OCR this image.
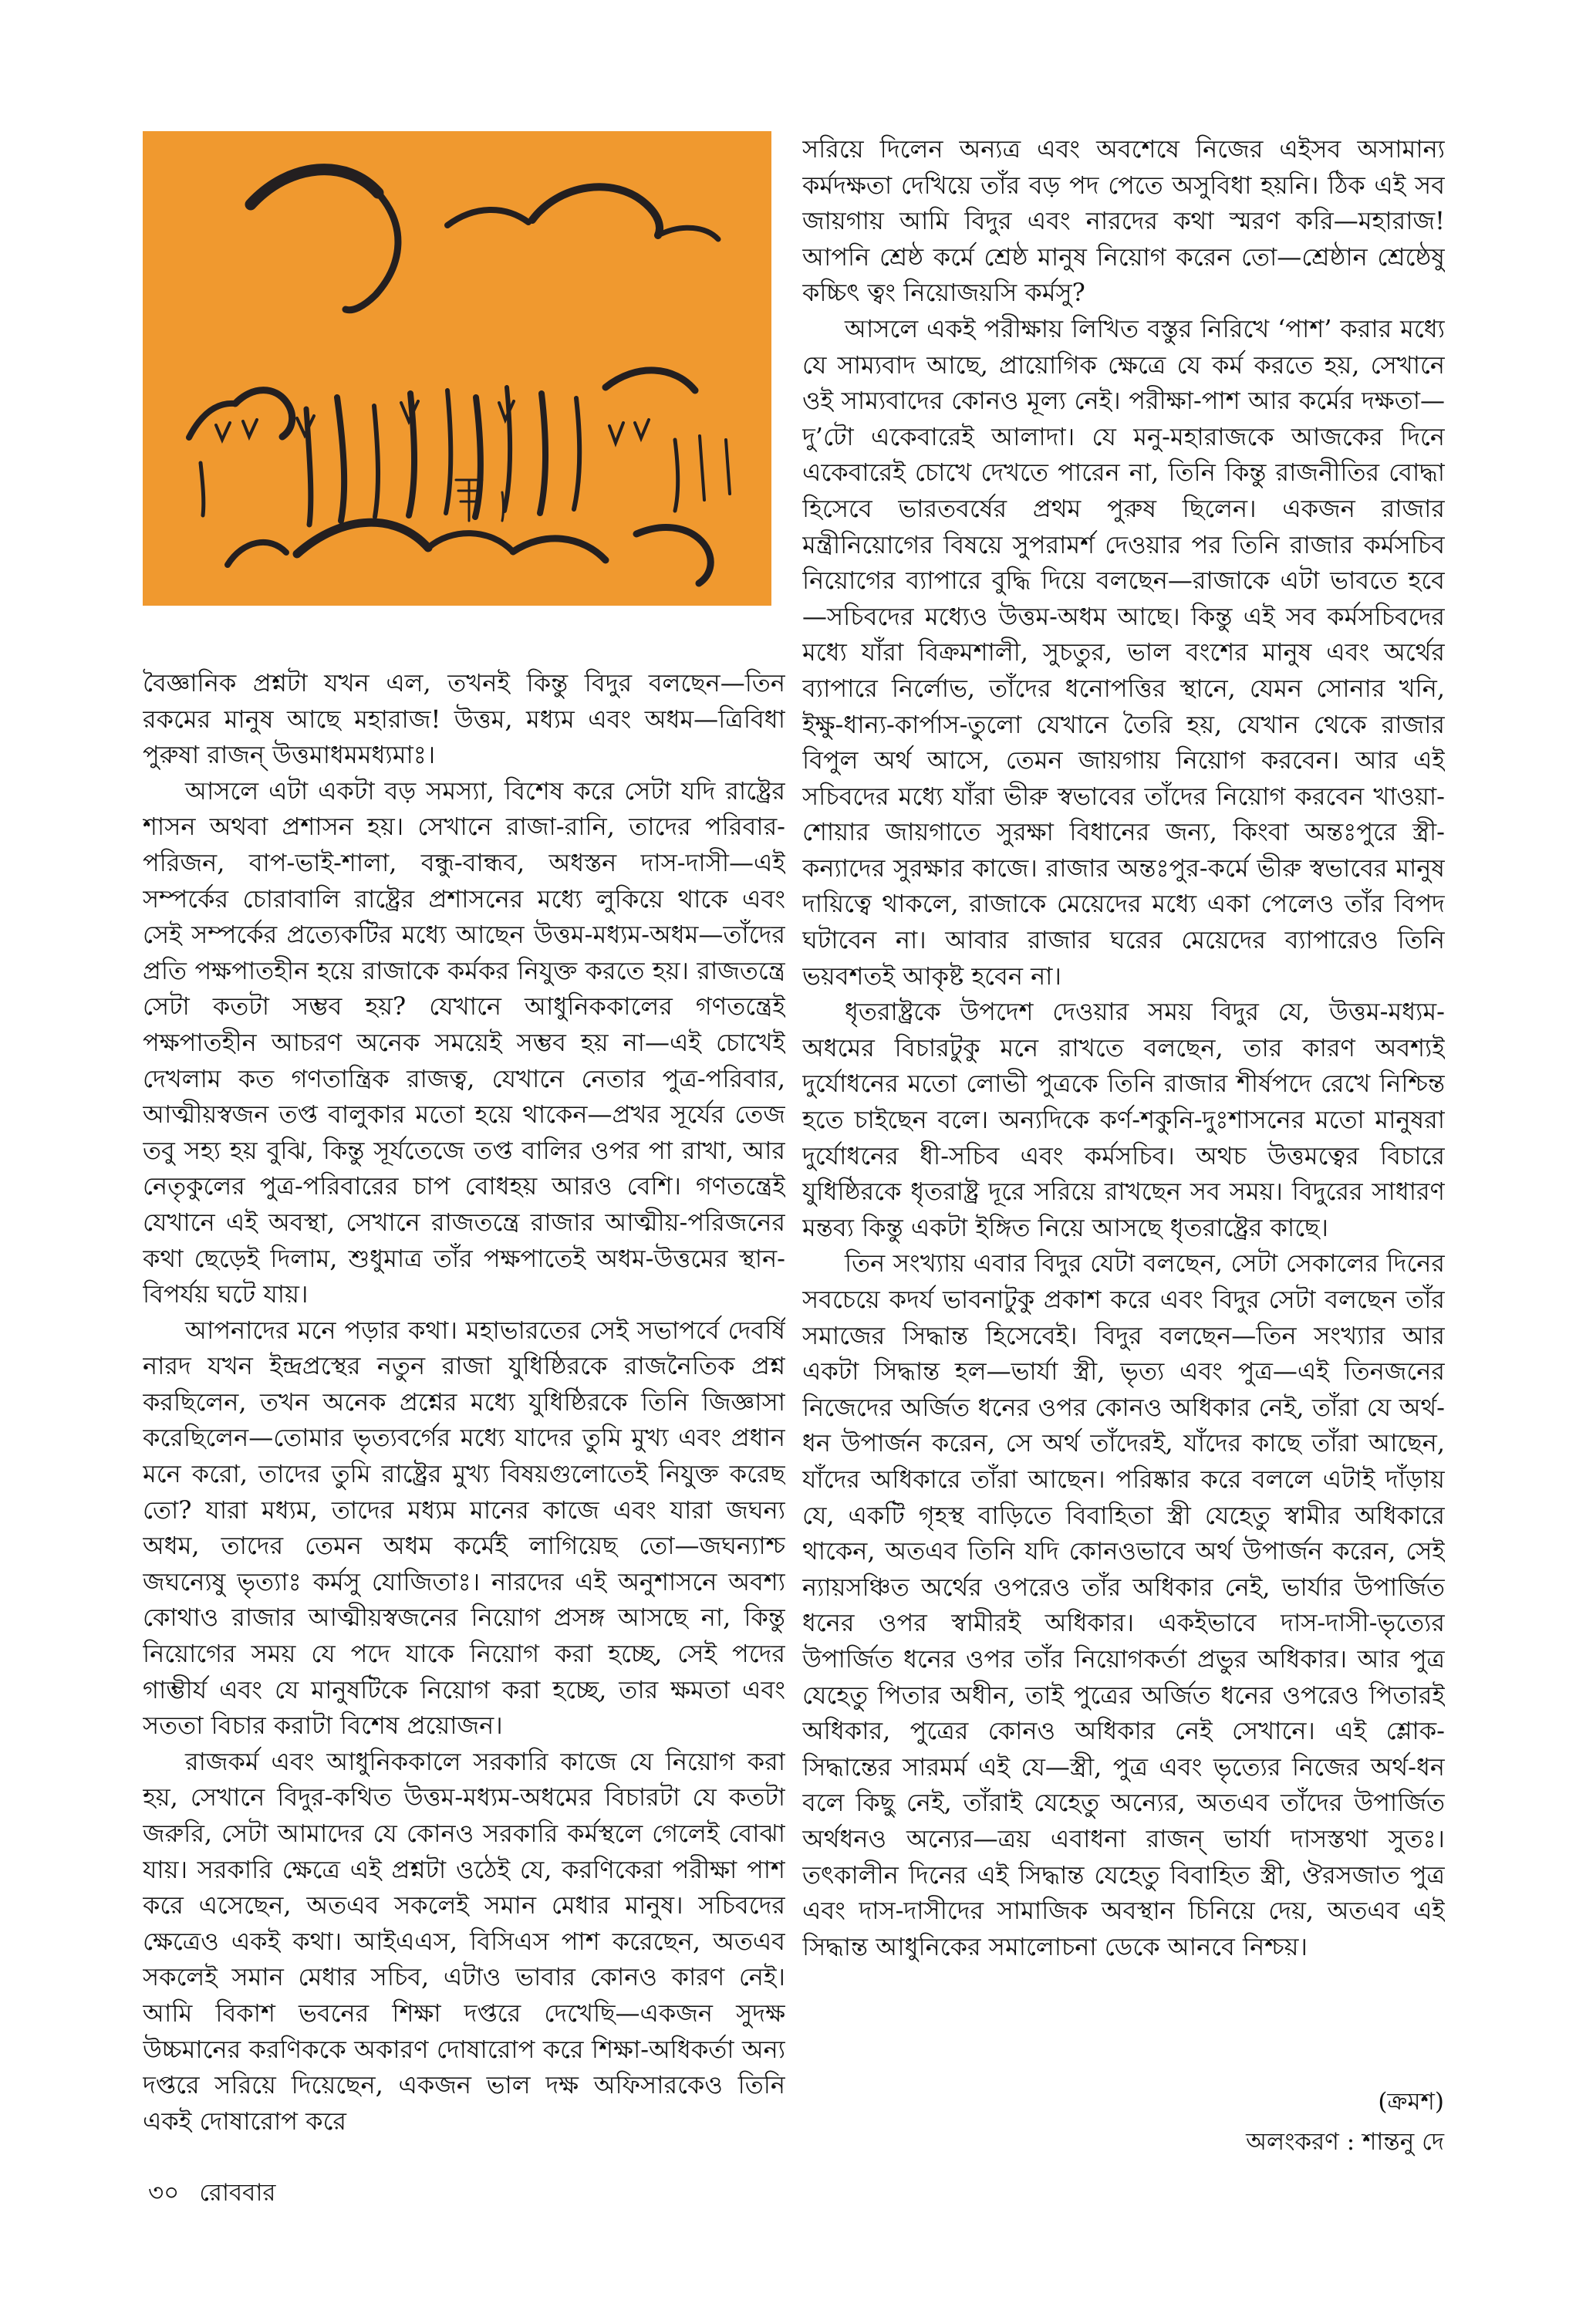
বৈজ্ঞানিক প্রশ্নটা যখন এল, তখনই কিন্তু বিদুর বলছেন—তিন রকমের মানুষ আছে মহারাজ! উত্তম, মধ্যম এবং অধম—ত্রিবিধা পুরুষা রাজন্ উত্তমাধমমধ্যমাঃ।

আসলে এটা একটা বড় সমস্যা, বিশেষ করে সেটা যদি রাষ্ট্রের শাসন অথবা প্রশাসন হয়। সেখানে রাজা-রানি, তাদের পরিবার-পরিজন, বাপ-ভাই-শালা, বন্ধু-বান্ধব, অধস্তন দাস-দাসী—এই সম্পর্কের চোরাবালি রাষ্ট্রের প্রশাসনের মধ্যে লুকিয়ে থাকে এবং সেই সম্পর্কের প্রত্যেকটির মধ্যে আছেন উত্তম-মধ্যম-অধম—তাঁদের প্রতি পক্ষপাতহীন হয়ে রাজাকে কর্মকর নিযুক্ত করতে হয়। রাজতন্ত্রে সেটা কতটা সম্ভব হয়? যেখানে আধুনিককালের গণতন্ত্রেই পক্ষপাতহীন আচরণ অনেক সময়েই সম্ভব হয় না—এই চোখেই দেখলাম কত গণতান্ত্রিক রাজত্ব, যেখানে নেতার পুত্র-পরিবার, আত্মীয়স্বজন তপ্ত বালুকার মতো হয়ে থাকেন—প্রখর সূর্যের তেজ তবু সহ্য হয় বুঝি, কিন্তু সূর্যতেজে তপ্ত বালির ওপর পা রাখা, আর নেতৃকুলের পুত্র-পরিবারের চাপ বোধহয় আরও বেশি। গণতন্ত্রেই যেখানে এই অবস্থা, সেখানে রাজতন্ত্রে রাজার আত্মীয়-পরিজনের কথা ছেড়েই দিলাম, শুধুমাত্র তাঁর পক্ষপাতেই অধম-উত্তমের স্থান-বিপর্যয় ঘটে যায়।

আপনাদের মনে পড়ার কথা। মহাভারতের সেই সভাপর্বে দেবর্ষি নারদ যখন ইন্দ্রপ্রস্থের নতুন রাজা যুধিষ্ঠিরকে রাজনৈতিক প্রশ্ন করছিলেন, তখন অনেক প্রশ্নের মধ্যে যুধিষ্ঠিরকে তিনি জিজ্ঞাসা করেছিলেন—তোমার ভৃত্যবর্গের মধ্যে যাদের তুমি মুখ্য এবং প্রধান মনে করো, তাদের তুমি রাষ্ট্রের মুখ্য বিষয়গুলোতেই নিযুক্ত করেছ তো? যারা মধ্যম, তাদের মধ্যম মানের কাজে এবং যারা জঘন্য অধম, তাদের তেমন অধম কর্মেই লাগিয়েছ তো—জঘন্যাশ্চ জঘন্যেষু ভৃত্যাঃ কর্মসু যোজিতাঃ। নারদের এই অনুশাসনে অবশ্য কোথাও রাজার আত্মীয়স্বজনের নিয়োগ প্রসঙ্গ আসছে না, কিন্তু নিয়োগের সময় যে পদে যাকে নিয়োগ করা হচ্ছে, সেই পদের গাম্ভীর্য এবং যে মানুষটিকে নিয়োগ করা হচ্ছে, তার ক্ষমতা এবং সততা বিচার করাটা বিশেষ প্রয়োজন।

রাজকর্ম এবং আধুনিককালে সরকারি কাজে যে নিয়োগ করা হয়, সেখানে বিদুর-কথিত উত্তম-মধ্যম-অধমের বিচারটা যে কতটা জরুরি, সেটা আমাদের যে কোনও সরকারি কর্মস্থলে গেলেই বোঝা যায়। সরকারি ক্ষেত্রে এই প্রশ্নটা ওঠেই যে, করণিকেরা পরীক্ষা পাশ করে এসেছেন, অতএব সকলেই সমান মেধার মানুষ। সচিবদের ক্ষেত্রেও একই কথা। আইএএস, বিসিএস পাশ করেছেন, অতএব সকলেই সমান মেধার সচিব, এটাও ভাবার কোনও কারণ নেই। আমি বিকাশ ভবনের শিক্ষা দপ্তরে দেখেছি—একজন সুদক্ষ উচ্চমানের করণিককে অকারণ দোষারোপ করে শিক্ষা-অধিকর্তা অন্য দপ্তরে সরিয়ে দিয়েছেন, একজন ভাল দক্ষ অফিসারকেও তিনি একই দোষারোপ করে

সরিয়ে দিলেন অন্যত্র এবং অবশেষে নিজের এইসব অসামান্য কর্মদক্ষতা দেখিয়ে তাঁর বড় পদ পেতে অসুবিধা হয়নি। ঠিক এই সব জায়গায় আমি বিদুর এবং নারদের কথা স্মরণ করি—মহারাজ! আপনি শ্রেষ্ঠ কর্মে শ্রেষ্ঠ মানুষ নিয়োগ করেন তো—শ্রেষ্ঠান শ্রেষ্ঠেষু কচ্চিৎ ত্বং নিয়োজয়সি কর্মসু?

আসলে একই পরীক্ষায় লিখিত বস্তুর নিরিখে ‘পাশ’ করার মধ্যে যে সাম্যবাদ আছে, প্রায়োগিক ক্ষেত্রে যে কর্ম করতে হয়, সেখানে ওই সাম্যবাদের কোনও মূল্য নেই। পরীক্ষা-পাশ আর কর্মের দক্ষতা—দু’টো একেবারেই আলাদা। যে মনু-মহারাজকে আজকের দিনে একেবারেই চোখে দেখতে পারেন না, তিনি কিন্তু রাজনীতির বোদ্ধা হিসেবে ভারতবর্ষের প্রথম পুরুষ ছিলেন। একজন রাজার মন্ত্রীনিয়োগের বিষয়ে সুপরামর্শ দেওয়ার পর তিনি রাজার কর্মসচিব নিয়োগের ব্যাপারে বুদ্ধি দিয়ে বলছেন—রাজাকে এটা ভাবতে হবে—সচিবদের মধ্যেও উত্তম-অধম আছে। কিন্তু এই সব কর্মসচিবদের মধ্যে যাঁরা বিক্রমশালী, সুচতুর, ভাল বংশের মানুষ এবং অর্থের ব্যাপারে নির্লোভ, তাঁদের ধনোপত্তির স্থানে, যেমন সোনার খনি, ইক্ষু-ধান্য-কার্পাস-তুলো যেখানে তৈরি হয়, যেখান থেকে রাজার বিপুল অর্থ আসে, তেমন জায়গায় নিয়োগ করবেন। আর এই সচিবদের মধ্যে যাঁরা ভীরু স্বভাবের তাঁদের নিয়োগ করবেন খাওয়া-শোয়ার জায়গাতে সুরক্ষা বিধানের জন্য, কিংবা অন্তঃপুরে স্ত্রী-কন্যাদের সুরক্ষার কাজে। রাজার অন্তঃপুর-কর্মে ভীরু স্বভাবের মানুষ দায়িত্বে থাকলে, রাজাকে মেয়েদের মধ্যে একা পেলেও তাঁর বিপদ ঘটাবেন না। আবার রাজার ঘরের মেয়েদের ব্যাপারেও তিনি ভয়বশতই আকৃষ্ট হবেন না।

ধৃতরাষ্ট্রকে উপদেশ দেওয়ার সময় বিদুর যে, উত্তম-মধ্যম-অধমের বিচারটুকু মনে রাখতে বলছেন, তার কারণ অবশ্যই দুর্যোধনের মতো লোভী পুত্রকে তিনি রাজার শীর্ষপদে রেখে নিশ্চিন্ত হতে চাইছেন বলে। অন্যদিকে কর্ণ-শকুনি-দুঃশাসনের মতো মানুষরা দুর্যোধনের ধী-সচিব এবং কর্মসচিব। অথচ উত্তমত্বের বিচারে যুধিষ্ঠিরকে ধৃতরাষ্ট্র দূরে সরিয়ে রাখছেন সব সময়। বিদুরের সাধারণ মন্তব্য কিন্তু একটা ইঙ্গিত নিয়ে আসছে ধৃতরাষ্ট্রের কাছে।

তিন সংখ্যায় এবার বিদুর যেটা বলছেন, সেটা সেকালের দিনের সবচেয়ে কদর্য ভাবনাটুকু প্রকাশ করে এবং বিদুর সেটা বলছেন তাঁর সমাজের সিদ্ধান্ত হিসেবেই। বিদুর বলছেন—তিন সংখ্যার আর একটা সিদ্ধান্ত হল—ভার্যা স্ত্রী, ভৃত্য এবং পুত্র—এই তিনজনের নিজেদের অর্জিত ধনের ওপর কোনও অধিকার নেই, তাঁরা যে অর্থ-ধন উপার্জন করেন, সে অর্থ তাঁদেরই, যাঁদের কাছে তাঁরা আছেন, যাঁদের অধিকারে তাঁরা আছেন। পরিষ্কার করে বললে এটাই দাঁড়ায় যে, একটি গৃহস্থ বাড়িতে বিবাহিতা স্ত্রী যেহেতু স্বামীর অধিকারে থাকেন, অতএব তিনি যদি কোনওভাবে অর্থ উপার্জন করেন, সেই ন্যায়সঞ্চিত অর্থের ওপরেও তাঁর অধিকার নেই, ভার্যার উপার্জিত ধনের ওপর স্বামীরই অধিকার। একইভাবে দাস-দাসী-ভৃত্যের উপার্জিত ধনের ওপর তাঁর নিয়োগকর্তা প্রভুর অধিকার। আর পুত্র যেহেতু পিতার অধীন, তাই পুত্রের অর্জিত ধনের ওপরেও পিতারই অধিকার, পুত্রের কোনও অধিকার নেই সেখানে। এই শ্লোক-সিদ্ধান্তের সারমর্ম এই যে—স্ত্রী, পুত্র এবং ভৃত্যের নিজের অর্থ-ধন বলে কিছু নেই, তাঁরাই যেহেতু অন্যের, অতএব তাঁদের উপার্জিত অর্থধনও অন্যের—ত্রয় এবাধনা রাজন্ ভার্যা দাসস্তথা সুতঃ। তৎকালীন দিনের এই সিদ্ধান্ত যেহেতু বিবাহিত স্ত্রী, ঔরসজাত পুত্র এবং দাস-দাসীদের সামাজিক অবস্থান চিনিয়ে দেয়, অতএব এই সিদ্ধান্ত আধুনিকের সমালোচনা ডেকে আনবে নিশ্চয়।

৩০ রোববার
(ক্রমশ)
অলংকরণ : শান্তনু দে
